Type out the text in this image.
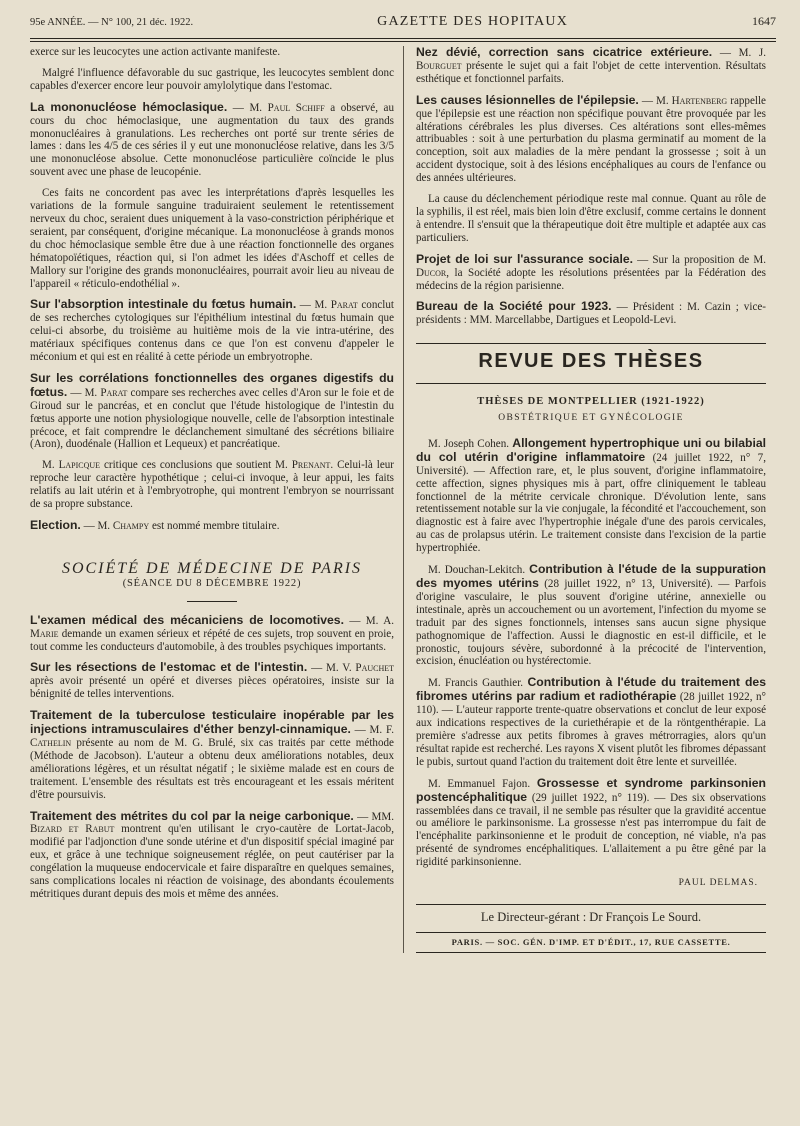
95e ANNÉE. — N° 100, 21 déc. 1922.	GAZETTE DES HOPITAUX	1647

exerce sur les leucocytes une action activante manifeste.

Malgré l'influence défavorable du suc gastrique, les leucocytes semblent donc capables d'exercer encore leur pouvoir amylolytique dans l'estomac.

La mononucléose hémoclasique. — M. Paul Schiff a observé, au cours du choc hémoclasique, une augmentation du taux des grands mononucléaires à granulations. Les recherches ont porté sur trente séries de lames : dans les 4/5 de ces séries il y eut une mononucléose relative, dans les 3/5 une mononucléose absolue. Cette mononucléose particulière coïncide le plus souvent avec une phase de leucopénie.

Ces faits ne concordent pas avec les interprétations d'après lesquelles les variations de la formule sanguine traduiraient seulement le retentissement nerveux du choc, seraient dues uniquement à la vaso-constriction périphérique et seraient, par conséquent, d'origine mécanique. La mononucléose à grands monos du choc hémoclasique semble être due à une réaction fonctionnelle des organes hématopoïétiques, réaction qui, si l'on admet les idées d'Aschoff et celles de Mallory sur l'origine des grands mononucléaires, pourrait avoir lieu au niveau de l'appareil « réticulo-endothélial ».

Sur l'absorption intestinale du fœtus humain. — M. Parat conclut de ses recherches cytologiques sur l'épithélium intestinal du fœtus humain que celui-ci absorbe, du troisième au huitième mois de la vie intra-utérine, des matériaux spécifiques contenus dans ce que l'on est convenu d'appeler le méconium et qui est en réalité à cette période un embryotrophe.

Sur les corrélations fonctionnelles des organes digestifs du fœtus. — M. Parat compare ses recherches avec celles d'Aron sur le foie et de Giroud sur le pancréas, et en conclut que l'étude histologique de l'intestin du fœtus apporte une notion physiologique nouvelle, celle de l'absorption intestinale précoce, et fait comprendre le déclanchement simultané des sécrétions biliaire (Aron), duodénale (Hallion et Lequeux) et pancréatique.

M. Lapicque critique ces conclusions que soutient M. Prenant. Celui-là leur reproche leur caractère hypothétique ; celui-ci invoque, à leur appui, les faits relatifs au lait utérin et à l'embryotrophe, qui montrent l'embryon se nourrissant de sa propre substance.

Election. — M. Champy est nommé membre titulaire.

SOCIÉTÉ DE MÉDECINE DE PARIS
(SÉANCE DU 8 DÉCEMBRE 1922)

L'examen médical des mécaniciens de locomotives. — M. A. Marie demande un examen sérieux et répété de ces sujets, trop souvent en proie, tout comme les conducteurs d'automobile, à des troubles psychiques importants.

Sur les résections de l'estomac et de l'intestin. — M. V. Pauchet après avoir présenté un opéré et diverses pièces opératoires, insiste sur la bénignité de telles interventions.

Traitement de la tuberculose testiculaire inopérable par les injections intramusculaires d'éther benzyl-cinnamique. — M. F. Cathelin présente au nom de M. G. Brulé, six cas traités par cette méthode (Méthode de Jacobson). L'auteur a obtenu deux améliorations notables, deux améliorations légères, et un résultat négatif ; le sixième malade est en cours de traitement. L'ensemble des résultats est très encourageant et les essais méritent d'être poursuivis.

Traitement des métrites du col par la neige carbonique. — MM. Bizard et Rabut montrent qu'en utilisant le cryo-cautère de Lortat-Jacob, modifié par l'adjonction d'une sonde utérine et d'un dispositif spécial imaginé par eux, et grâce à une technique soigneusement réglée, on peut cautériser par la congélation la muqueuse endocervicale et faire disparaître en quelques semaines, sans complications locales ni réaction de voisinage, des abondants écoulements métritiques durant depuis des mois et même des années.

Nez dévié, correction sans cicatrice extérieure. — M. J. Bourguet présente le sujet qui a fait l'objet de cette intervention. Résultats esthétique et fonctionnel parfaits.

Les causes lésionnelles de l'épilepsie. — M. Hartenberg rappelle que l'épilepsie est une réaction non spécifique pouvant être provoquée par les altérations cérébrales les plus diverses. Ces altérations sont elles-mêmes attribuables : soit à une perturbation du plasma germinatif au moment de la conception, soit aux maladies de la mère pendant la grossesse ; soit à un accident dystocique, soit à des lésions encéphaliques au cours de l'enfance ou des années ultérieures.

La cause du déclenchement périodique reste mal connue. Quant au rôle de la syphilis, il est réel, mais bien loin d'être exclusif, comme certains le donnent à entendre. Il s'ensuit que la thérapeutique doit être multiple et adaptée aux cas particuliers.

Projet de loi sur l'assurance sociale. — Sur la proposition de M. Ducor, la Société adopte les résolutions présentées par la Fédération des médecins de la région parisienne.

Bureau de la Société pour 1923. — Président : M. Cazin ; vice-présidents : MM. Marcellabbe, Dartigues et Leopold-Levi.

REVUE DES THÈSES
THÈSES DE MONTPELLIER (1921-1922)
OBSTÉTRIQUE ET GYNÉCOLOGIE

M. Joseph Cohen. Allongement hypertrophique uni ou bilabial du col utérin d'origine inflammatoire (24 juillet 1922, n° 7, Université). — Affection rare, et, le plus souvent, d'origine inflammatoire, cette affection, signes physiques mis à part, offre cliniquement le tableau fonctionnel de la métrite cervicale chronique. D'évolution lente, sans retentissement notable sur la vie conjugale, la fécondité et l'accouchement, son diagnostic est à faire avec l'hypertrophie inégale d'une des parois cervicales, au cas de prolapsus utérin. Le traitement consiste dans l'excision de la partie hypertrophiée.

M. Douchan-Lekitch. Contribution à l'étude de la suppuration des myomes utérins (28 juillet 1922, n° 13, Université). — Parfois d'origine vasculaire, le plus souvent d'origine utérine, annexielle ou intestinale, après un accouchement ou un avortement, l'infection du myome se traduit par des signes fonctionnels, intenses sans aucun signe physique pathognomique de l'affection. Aussi le diagnostic en est-il difficile, et le pronostic, toujours sévère, subordonné à la précocité de l'intervention, excision, énucléation ou hystérectomie.

M. Francis Gauthier. Contribution à l'étude du traitement des fibromes utérins par radium et radiothérapie (28 juillet 1922, n° 110). — L'auteur rapporte trente-quatre observations et conclut de leur exposé aux indications respectives de la curiethérapie et de la röntgenthérapie. La première s'adresse aux petits fibromes à graves métrorragies, alors qu'un résultat rapide est recherché. Les rayons X visent plutôt les fibromes dépassant le pubis, surtout quand l'action du traitement doit être lente et surveillée.

M. Emmanuel Fajon. Grossesse et syndrome parkinsonien postencéphalitique (29 juillet 1922, n° 119). — Des six observations rassemblées dans ce travail, il ne semble pas résulter que la gravidité accentue ou améliore le parkinsonisme. La grossesse n'est pas interrompue du fait de l'encéphalite parkinsonienne et le produit de conception, né viable, n'a pas présenté de syndromes encéphalitiques. L'allaitement a pu être gêné par la rigidité parkinsonienne.

PAUL DELMAS.
Le Directeur-gérant : Dr François Le Sourd.
PARIS. — SOC. GÉN. D'IMP. ET D'ÉDIT., 17, RUE CASSETTE.
